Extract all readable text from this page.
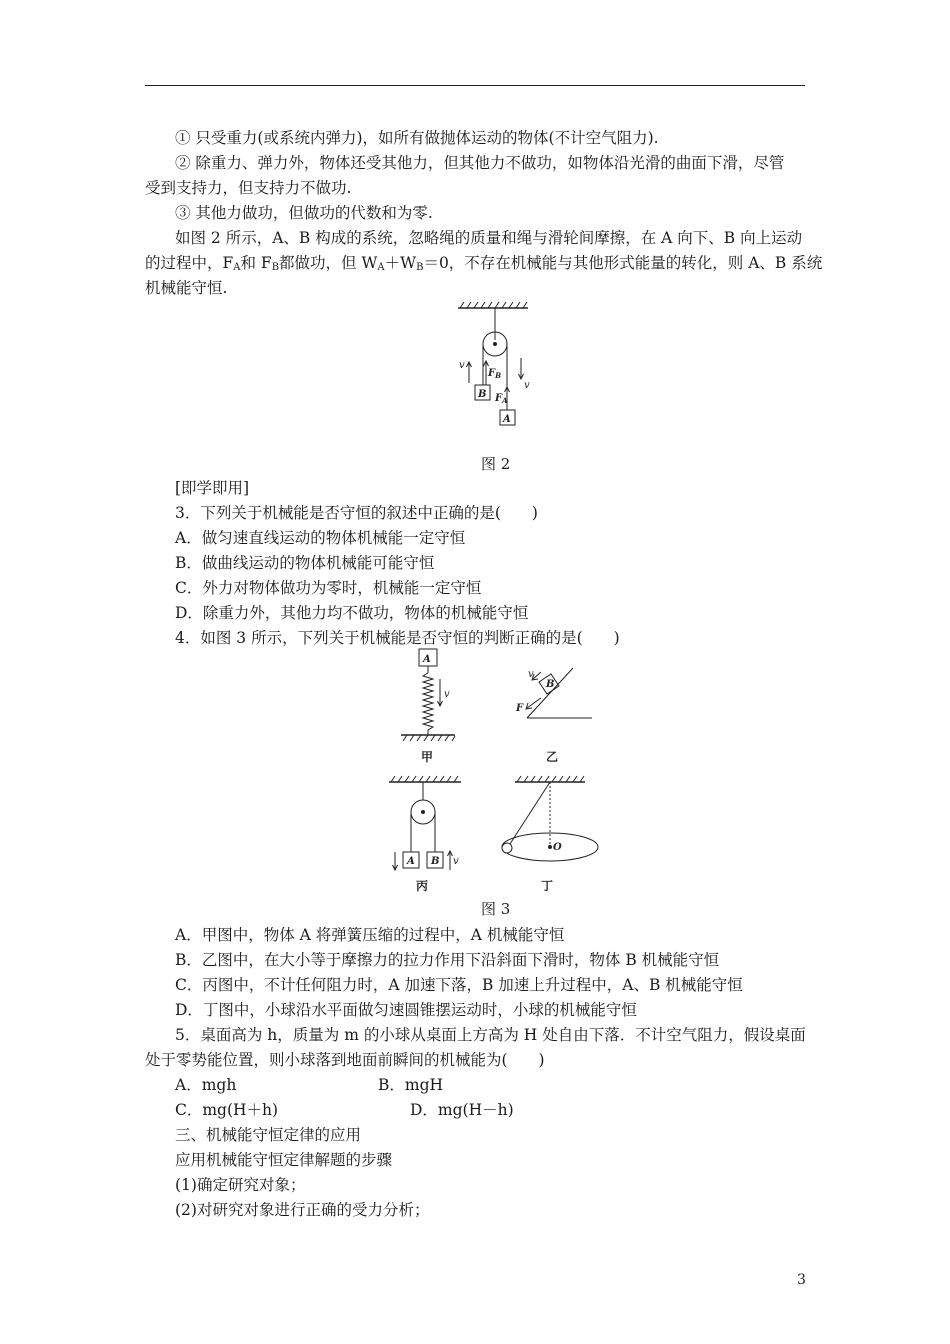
① 只受重力(或系统内弹力)，如所有做抛体运动的物体(不计空气阻力).
② 除重力、弹力外，物体还受其他力，但其他力不做功，如物体沿光滑的曲面下滑，尽管
受到支持力，但支持力不做功.
③ 其他力做功，但做功的代数和为零.
如图 2 所示，A、B 构成的系统，忽略绳的质量和绳与滑轮间摩擦，在 A 向下、B 向上运动
的过程中，$F_A$和 $F_B$都做功，但 $W_A+W_B=0$，不存在机械能与其他形式能量的转化，则 A、B 系统
机械能守恒.
v
$F_B$
B $F_A$
A
v
图 2
[即学即用]
3．下列关于机械能是否守恒的叙述中正确的是(　　)
A．做匀速直线运动的物体机械能一定守恒
B．做曲线运动的物体机械能可能守恒
C．外力对物体做功为零时，机械能一定守恒
D．除重力外，其他力均不做功，物体的机械能守恒
4．如图 3 所示，下列关于机械能是否守恒的判断正确的是(　　)
A
v
甲
B
v
F
乙
A B v
丙
O
丁
图 3
A．甲图中，物体 A 将弹簧压缩的过程中，A 机械能守恒
B．乙图中，在大小等于摩擦力的拉力作用下沿斜面下滑时，物体 B 机械能守恒
C．丙图中，不计任何阻力时，A 加速下落，B 加速上升过程中，A、B 机械能守恒
D．丁图中，小球沿水平面做匀速圆锥摆运动时，小球的机械能守恒
5．桌面高为 h，质量为 m 的小球从桌面上方高为 H 处自由下落．不计空气阻力，假设桌面
处于零势能位置，则小球落到地面前瞬间的机械能为(　　)
A．mgh	B．mgH
C．mg(H＋h)	D．mg(H－h)
三、机械能守恒定律的应用
应用机械能守恒定律解题的步骤
(1)确定研究对象；
(2)对研究对象进行正确的受力分析；
3
